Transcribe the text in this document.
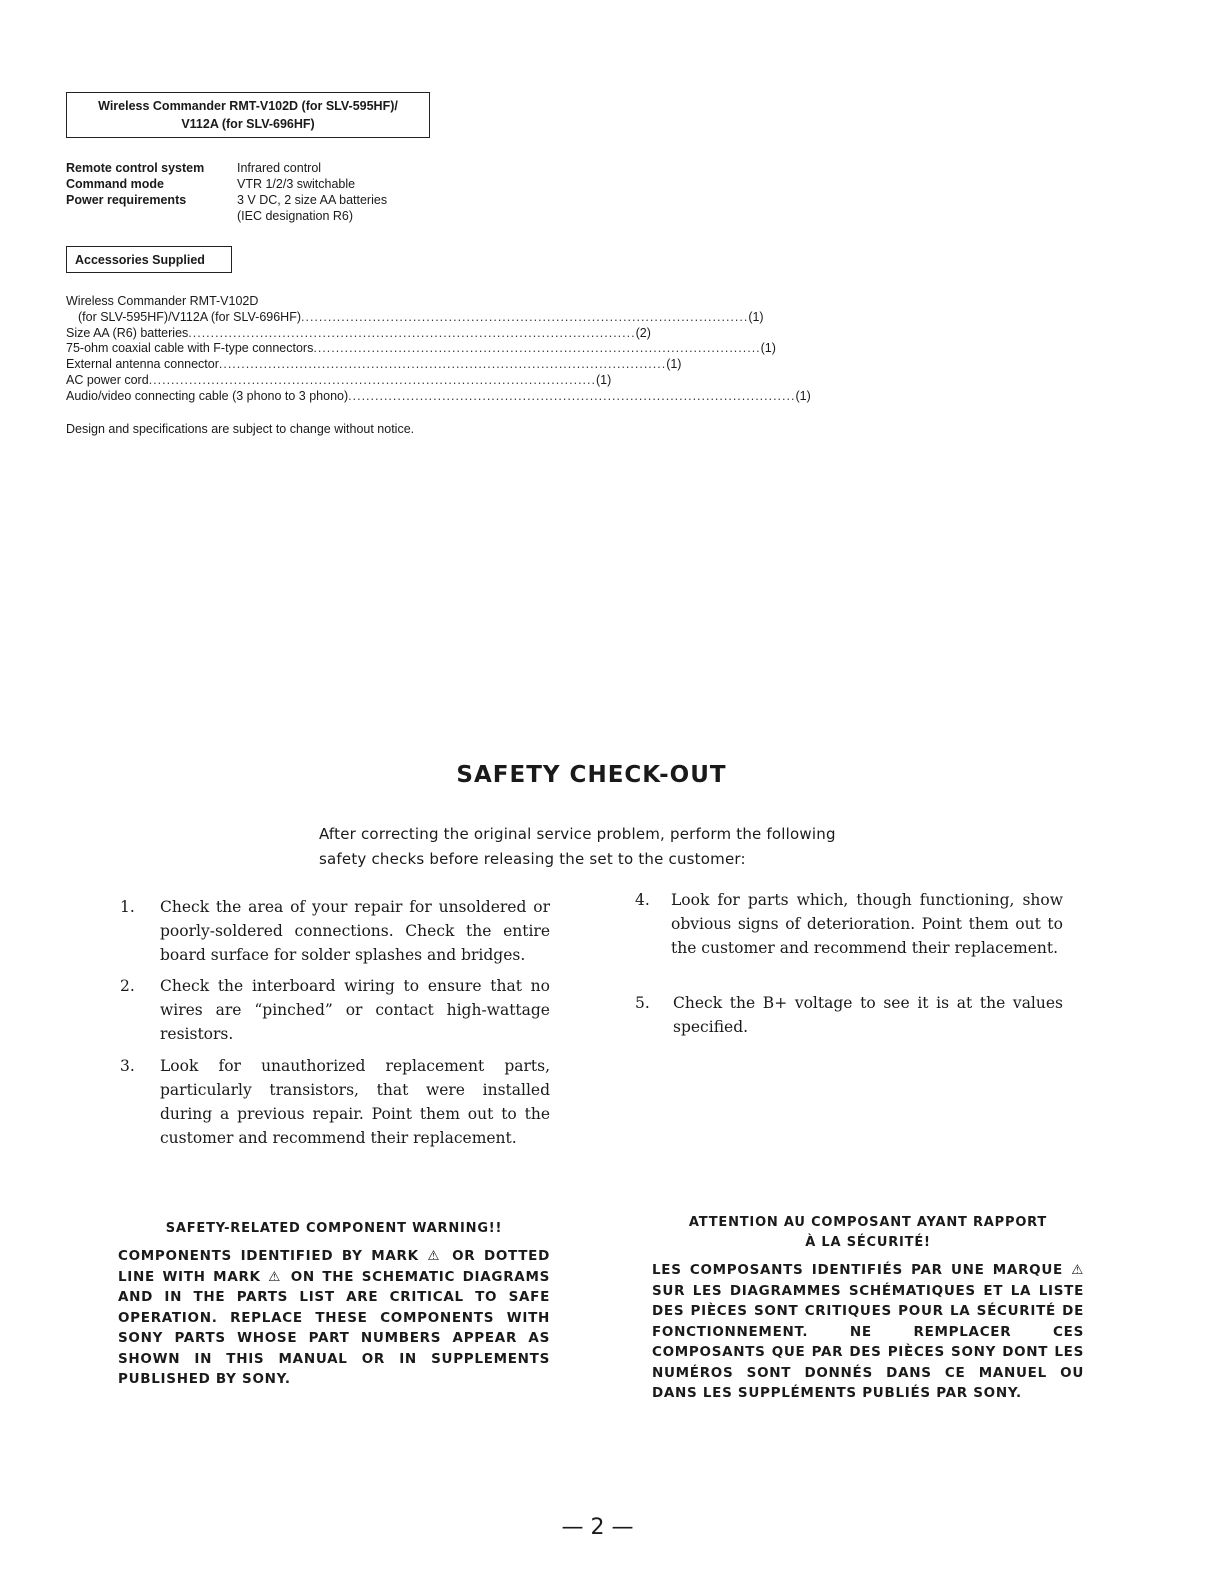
Wireless Commander RMT-V102D (for SLV-595HF)/
V112A (for SLV-696HF)
Remote control system	Infrared control
Command mode	VTR 1/2/3 switchable
Power requirements	3 V DC, 2 size AA batteries
(IEC designation R6)
Accessories Supplied
Wireless Commander RMT-V102D
(for SLV-595HF)/V112A (for SLV-696HF) .................................................................................................... (1)
Size AA (R6) batteries .................................................................................................... (2)
75-ohm coaxial cable with F-type connectors .................................................................................................... (1)
External antenna connector .................................................................................................... (1)
AC power cord .................................................................................................... (1)
Audio/video connecting cable (3 phono to 3 phono) .................................................................................................... (1)
Design and specifications are subject to change without notice.
SAFETY CHECK-OUT
After correcting the original service problem, perform the following
safety checks before releasing the set to the customer:
1. Check the area of your repair for unsoldered or poorly-soldered connections. Check the entire board surface for solder splashes and bridges.
2. Check the interboard wiring to ensure that no wires are “pinched” or contact high-wattage resistors.
3. Look for unauthorized replacement parts, particularly transistors, that were installed during a previous repair. Point them out to the customer and recommend their replacement.
4. Look for parts which, though functioning, show obvious signs of deterioration. Point them out to the customer and recommend their replacement.
5. Check the B+ voltage to see it is at the values specified.
SAFETY-RELATED COMPONENT WARNING!!
COMPONENTS IDENTIFIED BY MARK ⚠ OR DOTTED LINE WITH MARK ⚠ ON THE SCHEMATIC DIAGRAMS AND IN THE PARTS LIST ARE CRITICAL TO SAFE OPERATION. REPLACE THESE COMPONENTS WITH SONY PARTS WHOSE PART NUMBERS APPEAR AS SHOWN IN THIS MANUAL OR IN SUPPLEMENTS PUBLISHED BY SONY.
ATTENTION AU COMPOSANT AYANT RAPPORT
À LA SÉCURITÉ!
LES COMPOSANTS IDENTIFIÉS PAR UNE MARQUE ⚠ SUR LES DIAGRAMMES SCHÉMATIQUES ET LA LISTE DES PIÈCES SONT CRITIQUES POUR LA SÉCURITÉ DE FONCTIONNEMENT. NE REMPLACER CES COMPOSANTS QUE PAR DES PIÈCES SONY DONT LES NUMÉROS SONT DONNÉS DANS CE MANUEL OU DANS LES SUPPLÉMENTS PUBLIÉS PAR SONY.
— 2 —
